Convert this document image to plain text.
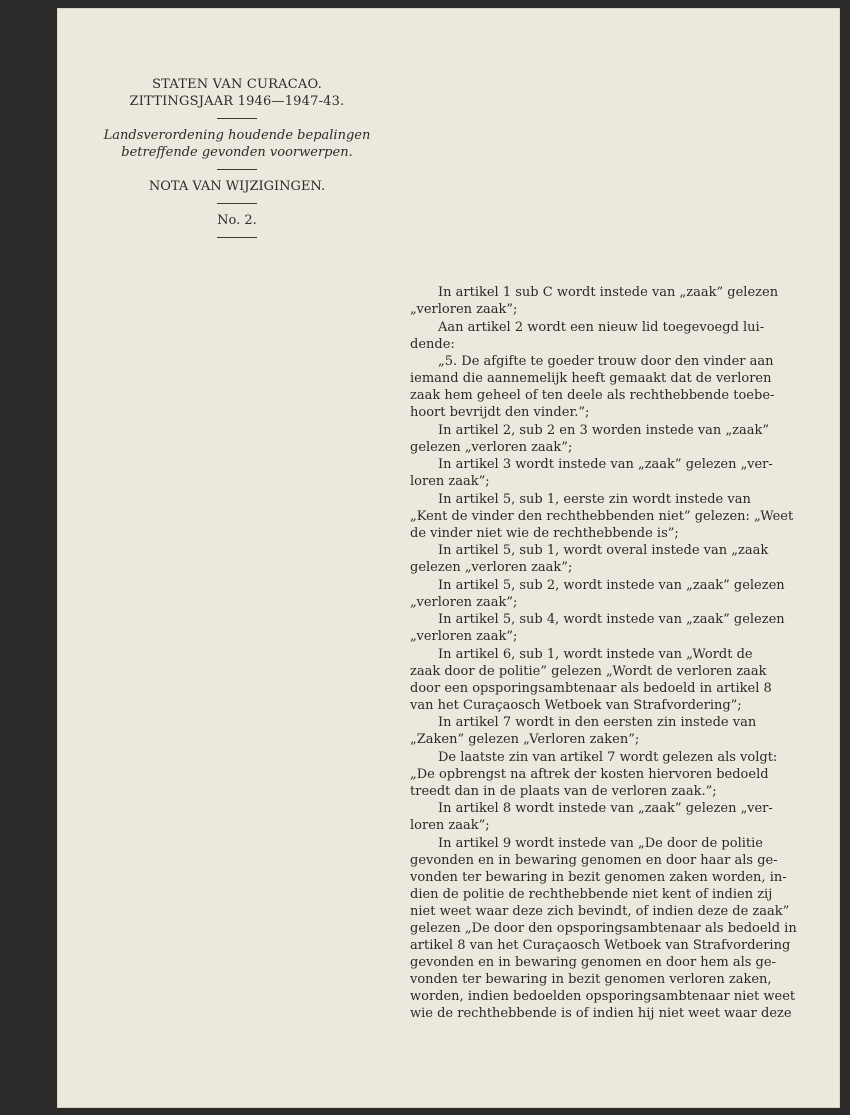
STATEN VAN CURACAO.
ZITTINGSJAAR 1946—1947-43.
Landsverordening houdende bepalingen
betreffende gevonden voorwerpen.
NOTA VAN WIJZIGINGEN.
No. 2.
In artikel 1 sub C wordt instede van „zaak” gelezen
„verloren zaak”;
Aan artikel 2 wordt een nieuw lid toegevoegd lui-
dende:
„5. De afgifte te goeder trouw door den vinder aan
iemand die aannemelijk heeft gemaakt dat de verloren
zaak hem geheel of ten deele als rechthebbende toebe-
hoort bevrijdt den vinder.”;
In artikel 2, sub 2 en 3 worden instede van „zaak”
gelezen „verloren zaak”;
In artikel 3 wordt instede van „zaak” gelezen „ver-
loren zaak”;
In artikel 5, sub 1, eerste zin wordt instede van
„Kent de vinder den rechthebbenden niet” gelezen: „Weet
de vinder niet wie de rechthebbende is”;
In artikel 5, sub 1, wordt overal instede van „zaak
gelezen „verloren zaak”;
In artikel 5, sub 2, wordt instede van „zaak” gelezen
„verloren zaak”;
In artikel 5, sub 4, wordt instede van „zaak” gelezen
„verloren zaak”;
In artikel 6, sub 1, wordt instede van „Wordt de
zaak door de politie” gelezen „Wordt de verloren zaak
door een opsporingsambtenaar als bedoeld in artikel 8
van het Curaçaosch Wetboek van Strafvordering”;
In artikel 7 wordt in den eersten zin instede van
„Zaken” gelezen „Verloren zaken”;
De laatste zin van artikel 7 wordt gelezen als volgt:
„De opbrengst na aftrek der kosten hiervoren bedoeld
treedt dan in de plaats van de verloren zaak.”;
In artikel 8 wordt instede van „zaak” gelezen „ver-
loren zaak”;
In artikel 9 wordt instede van „De door de politie
gevonden en in bewaring genomen en door haar als ge-
vonden ter bewaring in bezit genomen zaken worden, in-
dien de politie de rechthebbende niet kent of indien zij
niet weet waar deze zich bevindt, of indien deze de zaak”
gelezen „De door den opsporingsambtenaar als bedoeld in
artikel 8 van het Curaçaosch Wetboek van Strafvordering
gevonden en in bewaring genomen en door hem als ge-
vonden ter bewaring in bezit genomen verloren zaken,
worden, indien bedoelden opsporingsambtenaar niet weet
wie de rechthebbende is of indien hij niet weet waar deze
